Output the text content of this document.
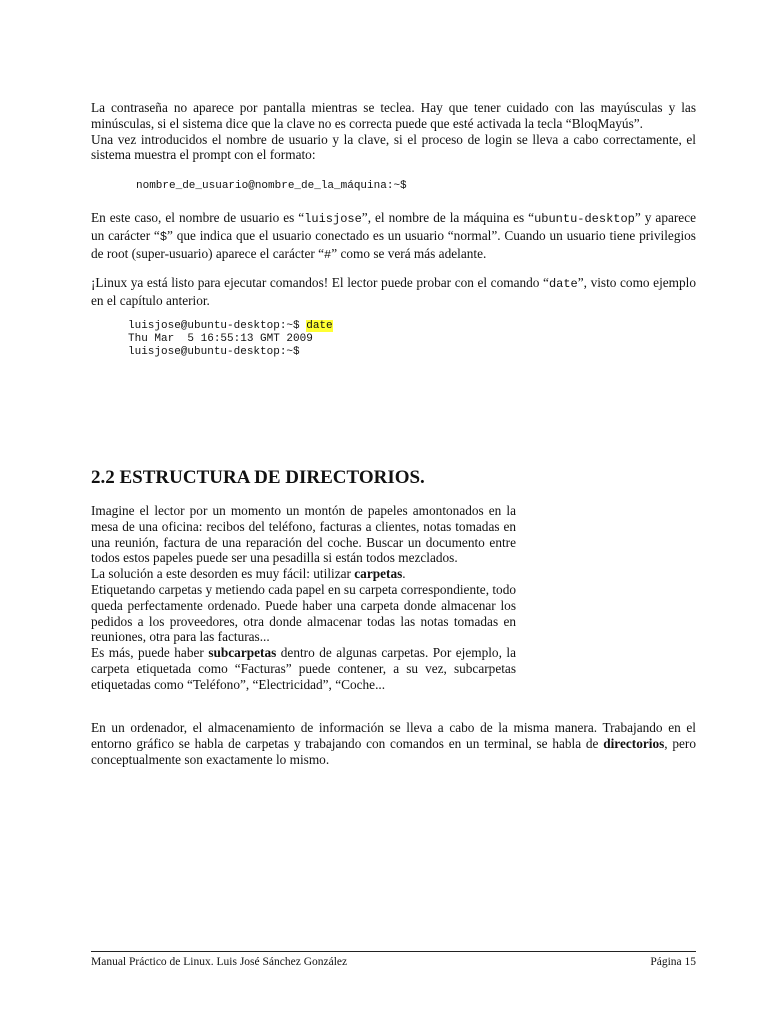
La contraseña no aparece por pantalla mientras se teclea. Hay que tener cuidado con las mayúsculas y las minúsculas, si el sistema dice que la clave no es correcta puede que esté activada la tecla “BloqMayús”.
Una vez introducidos el nombre de usuario y la clave, si el proceso de login se lleva a cabo correctamente, el sistema muestra el prompt con el formato:

nombre_de_usuario@nombre_de_la_máquina:~$

En este caso, el nombre de usuario es “luisjose”, el nombre de la máquina es “ubuntu-desktop” y aparece un carácter “$” que indica que el usuario conectado es un usuario “normal”. Cuando un usuario tiene privilegios de root (super-usuario) aparece el carácter “#” como se verá más adelante.

¡Linux ya está listo para ejecutar comandos! El lector puede probar con el comando “date”, visto como ejemplo en el capítulo anterior.

luisjose@ubuntu-desktop:~$ date
Thu Mar  5 16:55:13 GMT 2009
luisjose@ubuntu-desktop:~$
2.2 ESTRUCTURA DE DIRECTORIOS.

Imagine el lector por un momento un montón de papeles amontonados en la mesa de una oficina: recibos del teléfono, facturas a clientes, notas tomadas en una reunión, factura de una reparación del coche. Buscar un documento entre todos estos papeles puede ser una pesadilla si están todos mezclados.
La solución a este desorden es muy fácil: utilizar carpetas.
Etiquetando carpetas y metiendo cada papel en su carpeta correspondiente, todo queda perfectamente ordenado. Puede haber una carpeta donde almacenar los pedidos a los proveedores, otra donde almacenar todas las notas tomadas en reuniones, otra para las facturas...
Es más, puede haber subcarpetas dentro de algunas carpetas. Por ejemplo, la carpeta etiquetada como “Facturas” puede contener, a su vez, subcarpetas etiquetadas como “Teléfono”, “Electricidad”, “Coche...

En un ordenador, el almacenamiento de información se lleva a cabo de la misma manera. Trabajando en el entorno gráfico se habla de carpetas y trabajando con comandos en un terminal, se habla de directorios, pero conceptualmente son exactamente lo mismo.

Manual Práctico de Linux. Luis José Sánchez González	Página 15
